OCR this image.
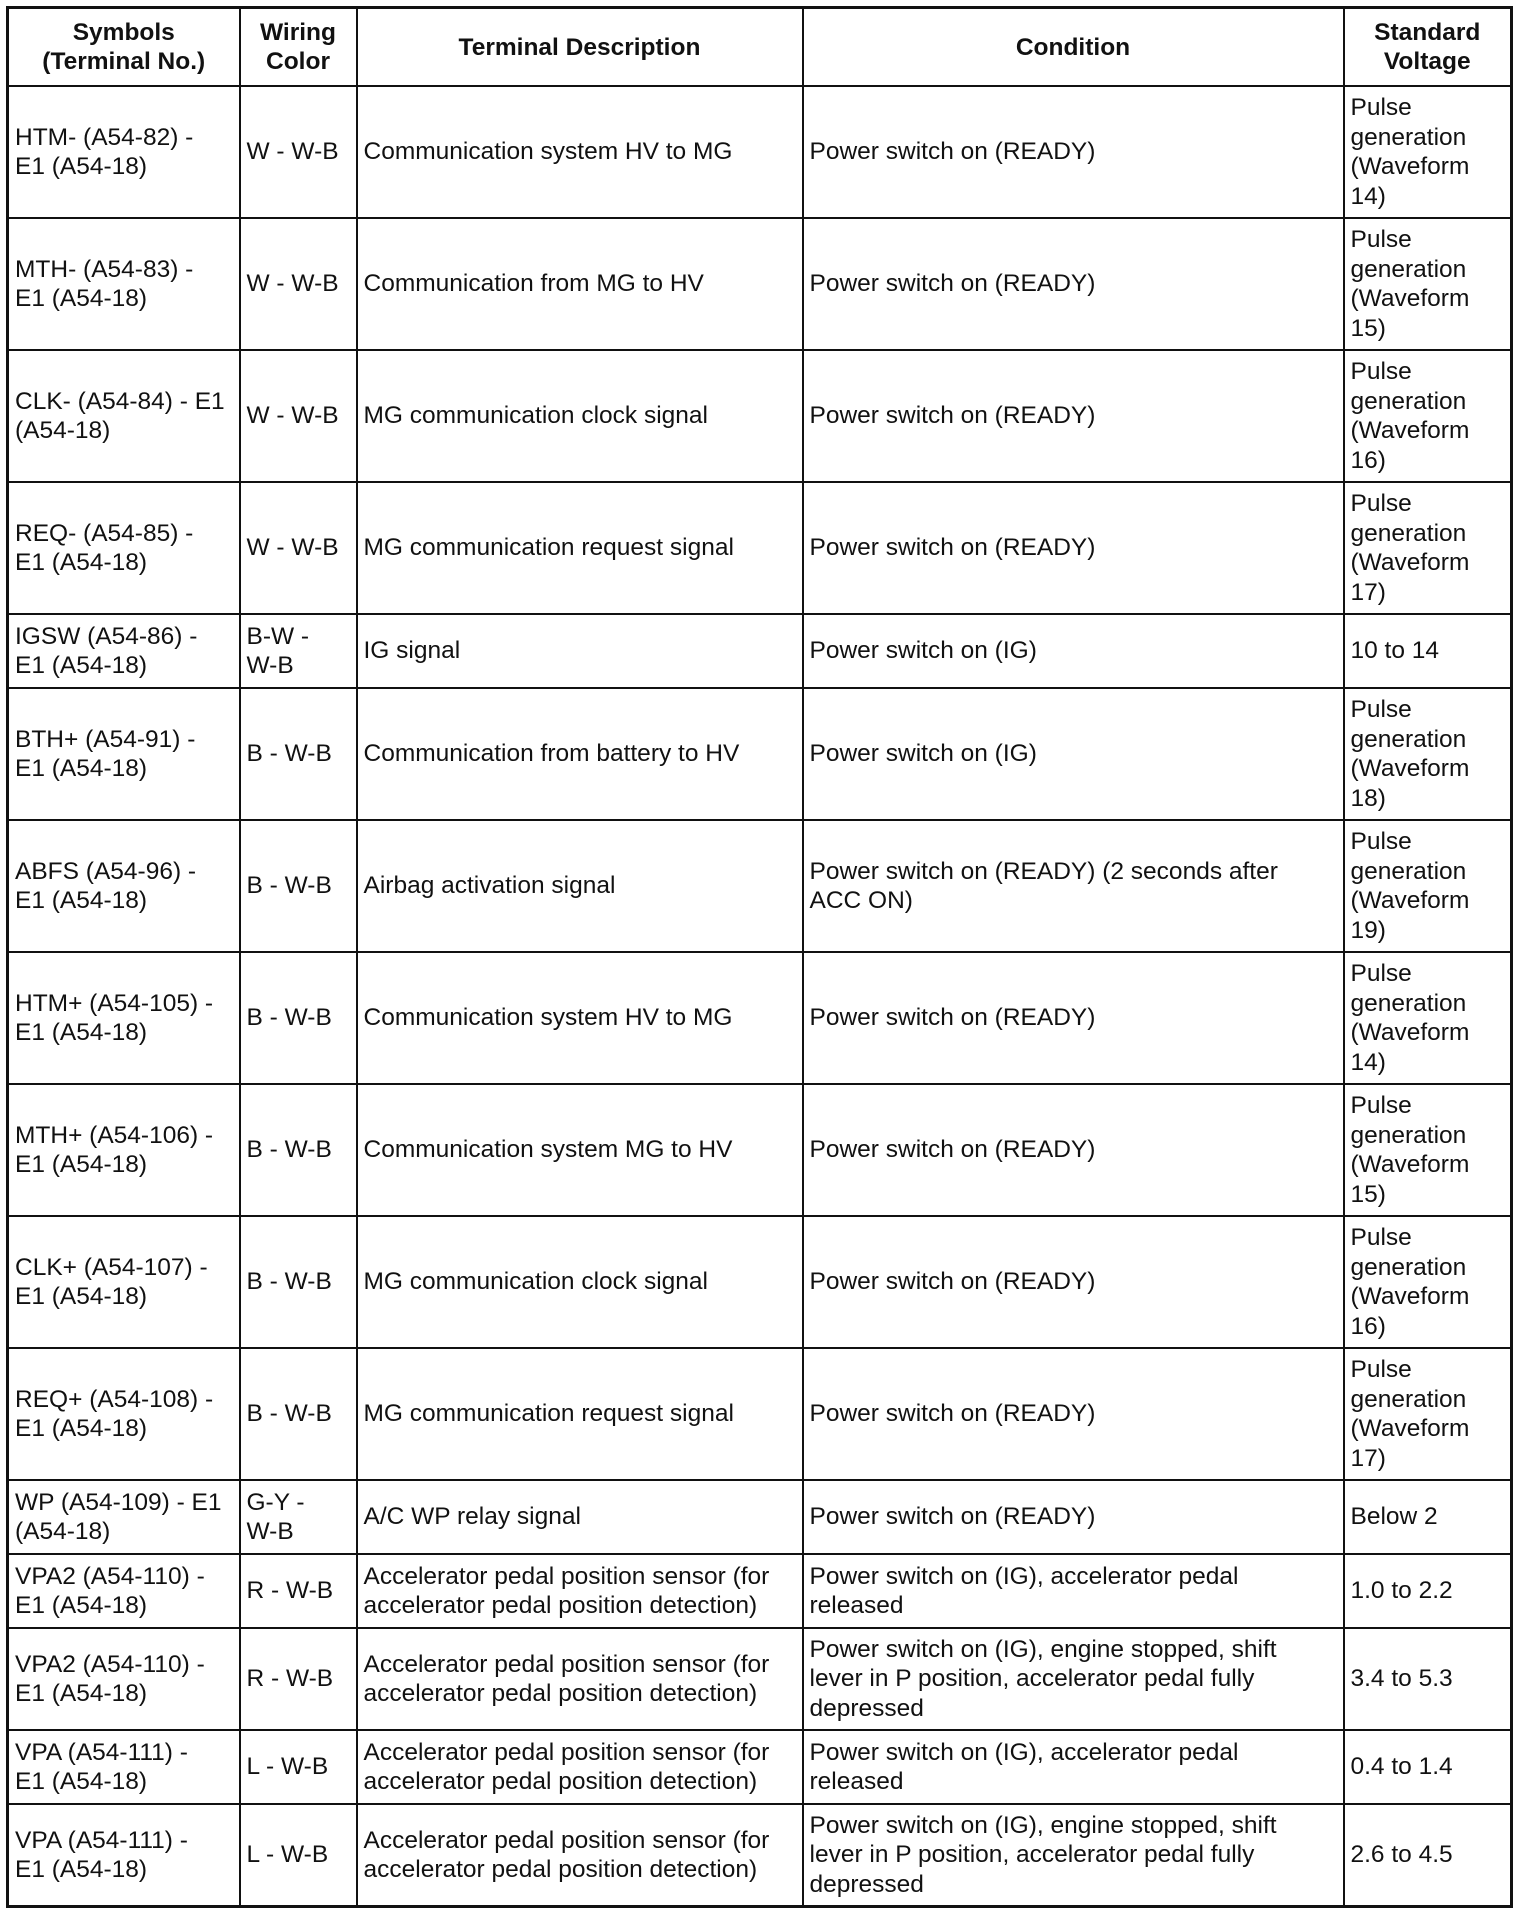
Symbols
(Terminal No.)	Wiring
Color	Terminal Description	Condition	Standard
Voltage
HTM- (A54-82) -
E1 (A54-18)	W - W-B	Communication system HV to MG	Power switch on (READY)	Pulse
generation
(Waveform
14)
MTH- (A54-83) -
E1 (A54-18)	W - W-B	Communication from MG to HV	Power switch on (READY)	Pulse
generation
(Waveform
15)
CLK- (A54-84) - E1
(A54-18)	W - W-B	MG communication clock signal	Power switch on (READY)	Pulse
generation
(Waveform
16)
REQ- (A54-85) -
E1 (A54-18)	W - W-B	MG communication request signal	Power switch on (READY)	Pulse
generation
(Waveform
17)
IGSW (A54-86) -
E1 (A54-18)	B-W -
W-B	IG signal	Power switch on (IG)	10 to 14
BTH+ (A54-91) -
E1 (A54-18)	B - W-B	Communication from battery to HV	Power switch on (IG)	Pulse
generation
(Waveform
18)
ABFS (A54-96) -
E1 (A54-18)	B - W-B	Airbag activation signal	Power switch on (READY) (2 seconds after
ACC ON)	Pulse
generation
(Waveform
19)
HTM+ (A54-105) -
E1 (A54-18)	B - W-B	Communication system HV to MG	Power switch on (READY)	Pulse
generation
(Waveform
14)
MTH+ (A54-106) -
E1 (A54-18)	B - W-B	Communication system MG to HV	Power switch on (READY)	Pulse
generation
(Waveform
15)
CLK+ (A54-107) -
E1 (A54-18)	B - W-B	MG communication clock signal	Power switch on (READY)	Pulse
generation
(Waveform
16)
REQ+ (A54-108) -
E1 (A54-18)	B - W-B	MG communication request signal	Power switch on (READY)	Pulse
generation
(Waveform
17)
WP (A54-109) - E1
(A54-18)	G-Y -
W-B	A/C WP relay signal	Power switch on (READY)	Below 2
VPA2 (A54-110) -
E1 (A54-18)	R - W-B	Accelerator pedal position sensor (for
accelerator pedal position detection)	Power switch on (IG), accelerator pedal
released	1.0 to 2.2
VPA2 (A54-110) -
E1 (A54-18)	R - W-B	Accelerator pedal position sensor (for
accelerator pedal position detection)	Power switch on (IG), engine stopped, shift
lever in P position, accelerator pedal fully
depressed	3.4 to 5.3
VPA (A54-111) -
E1 (A54-18)	L - W-B	Accelerator pedal position sensor (for
accelerator pedal position detection)	Power switch on (IG), accelerator pedal
released	0.4 to 1.4
VPA (A54-111) -
E1 (A54-18)	L - W-B	Accelerator pedal position sensor (for
accelerator pedal position detection)	Power switch on (IG), engine stopped, shift
lever in P position, accelerator pedal fully
depressed	2.6 to 4.5
